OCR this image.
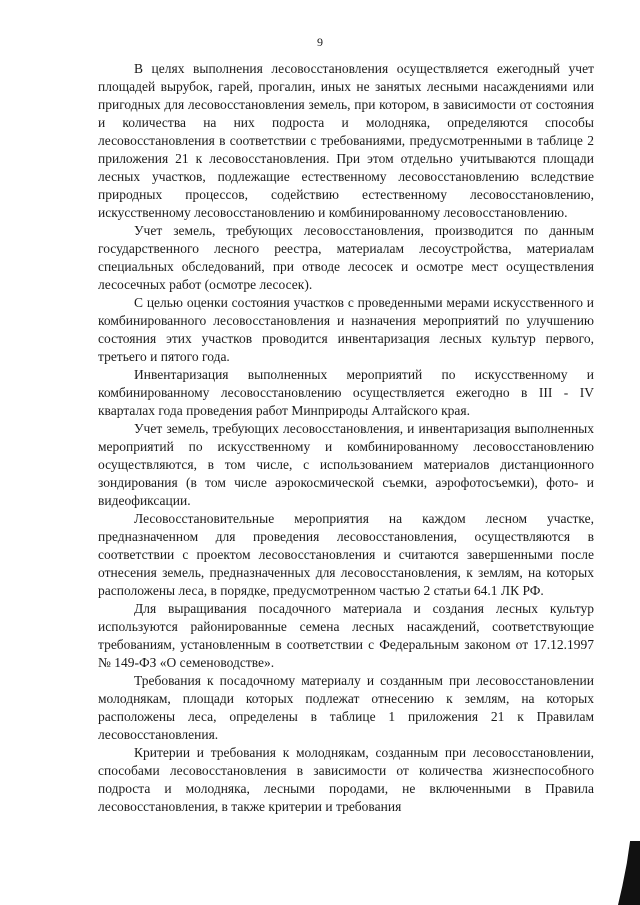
9

В целях выполнения лесовосстановления осуществляется ежегодный учет площадей вырубок, гарей, прогалин, иных не занятых лесными насаждениями или пригодных для лесовосстановления земель, при котором, в зависимости от состояния и количества на них подроста и молодняка, определяются способы лесовосстановления в соответствии с требованиями, предусмотренными в таблице 2 приложения 21 к лесовосстановления. При этом отдельно учитываются площади лесных участков, подлежащие естественному лесовосстановлению вследствие природных процессов, содействию естественному лесовосстановлению, искусственному лесовосстановлению и комбинированному лесовосстановлению.

Учет земель, требующих лесовосстановления, производится по данным государственного лесного реестра, материалам лесоустройства, материалам специальных обследований, при отводе лесосек и осмотре мест осуществления лесосечных работ (осмотре лесосек).

С целью оценки состояния участков с проведенными мерами искусственного и комбинированного лесовосстановления и назначения мероприятий по улучшению состояния этих участков проводится инвентаризация лесных культур первого, третьего и пятого года.

Инвентаризация выполненных мероприятий по искусственному и комбинированному лесовосстановлению осуществляется ежегодно в III - IV кварталах года проведения работ Минприроды Алтайского края.

Учет земель, требующих лесовосстановления, и инвентаризация выполненных мероприятий по искусственному и комбинированному лесовосстановлению осуществляются, в том числе, с использованием материалов дистанционного зондирования (в том числе аэрокосмической съемки, аэрофотосъемки), фото- и видеофиксации.

Лесовосстановительные мероприятия на каждом лесном участке, предназначенном для проведения лесовосстановления, осуществляются в соответствии с проектом лесовосстановления и считаются завершенными после отнесения земель, предназначенных для лесовосстановления, к землям, на которых расположены леса, в порядке, предусмотренном частью 2 статьи 64.1 ЛК РФ.

Для выращивания посадочного материала и создания лесных культур используются районированные семена лесных насаждений, соответствующие требованиям, установленным в соответствии с Федеральным законом от 17.12.1997 № 149-ФЗ «О семеноводстве».

Требования к посадочному материалу и созданным при лесовосстановлении молоднякам, площади которых подлежат отнесению к землям, на которых расположены леса, определены в таблице 1 приложения 21 к Правилам лесовосстановления.

Критерии и требования к молоднякам, созданным при лесовосстановлении, способами лесовосстановления в зависимости от количества жизнеспособного подроста и молодняка, лесными породами, не включенными в Правила лесовосстановления, в также критерии и требования
